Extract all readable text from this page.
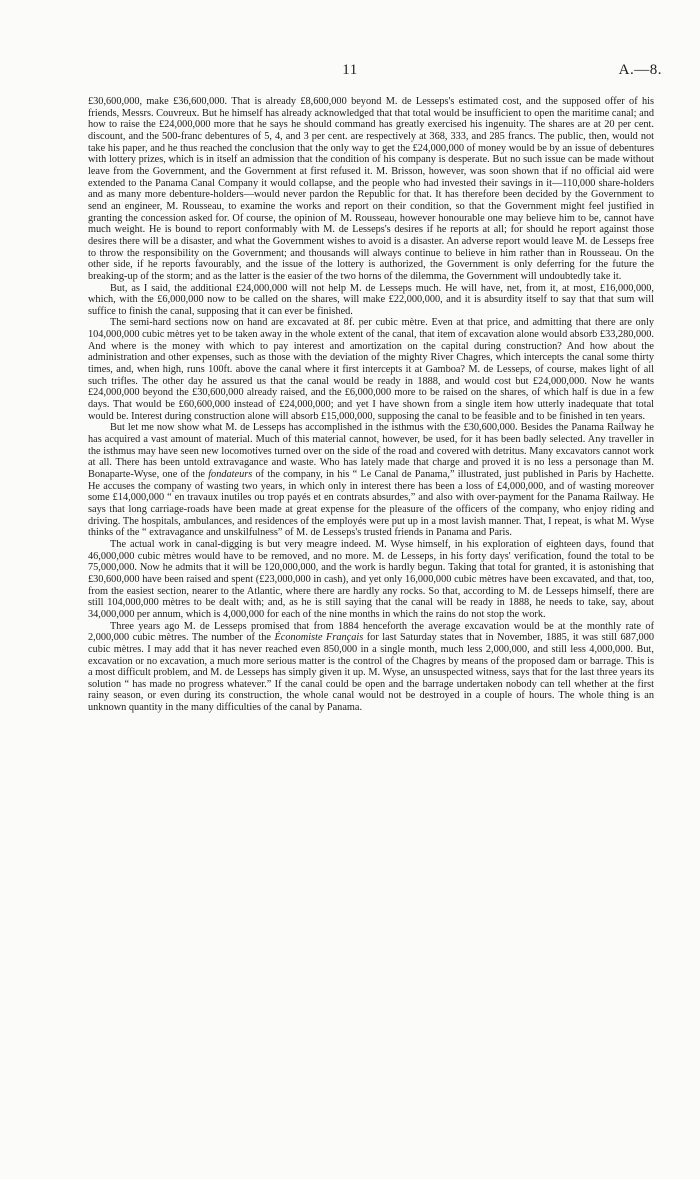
11	A.—8.

£30,600,000, make £36,600,000. That is already £8,600,000 beyond M. de Lesseps's estimated cost, and the supposed offer of his friends, Messrs. Couvreux. But he himself has already acknowledged that that total would be insufficient to open the maritime canal; and how to raise the £24,000,000 more that he says he should command has greatly exercised his ingenuity. The shares are at 20 per cent. discount, and the 500-franc debentures of 5, 4, and 3 per cent. are respectively at 368, 333, and 285 francs. The public, then, would not take his paper, and he thus reached the conclusion that the only way to get the £24,000,000 of money would be by an issue of debentures with lottery prizes, which is in itself an admission that the condition of his company is desperate. But no such issue can be made without leave from the Government, and the Government at first refused it. M. Brisson, however, was soon shown that if no official aid were extended to the Panama Canal Company it would collapse, and the people who had invested their savings in it—110,000 share-holders and as many more debenture-holders—would never pardon the Republic for that. It has therefore been decided by the Government to send an engineer, M. Rousseau, to examine the works and report on their condition, so that the Government might feel justified in granting the concession asked for. Of course, the opinion of M. Rousseau, however honourable one may believe him to be, cannot have much weight. He is bound to report conformably with M. de Lesseps's desires if he reports at all; for should he report against those desires there will be a disaster, and what the Government wishes to avoid is a disaster. An adverse report would leave M. de Lesseps free to throw the responsibility on the Government; and thousands will always continue to believe in him rather than in Rousseau. On the other side, if he reports favourably, and the issue of the lottery is authorized, the Government is only deferring for the future the breaking-up of the storm; and as the latter is the easier of the two horns of the dilemma, the Government will undoubtedly take it.

But, as I said, the additional £24,000,000 will not help M. de Lesseps much. He will have, net, from it, at most, £16,000,000, which, with the £6,000,000 now to be called on the shares, will make £22,000,000, and it is absurdity itself to say that that sum will suffice to finish the canal, supposing that it can ever be finished.

The semi-hard sections now on hand are excavated at 8f. per cubic mètre. Even at that price, and admitting that there are only 104,000,000 cubic mètres yet to be taken away in the whole extent of the canal, that item of excavation alone would absorb £33,280,000. And where is the money with which to pay interest and amortization on the capital during construction? And how about the administration and other expenses, such as those with the deviation of the mighty River Chagres, which intercepts the canal some thirty times, and, when high, runs 100ft. above the canal where it first intercepts it at Gamboa? M. de Lesseps, of course, makes light of all such trifles. The other day he assured us that the canal would be ready in 1888, and would cost but £24,000,000. Now he wants £24,000,000 beyond the £30,600,000 already raised, and the £6,000,000 more to be raised on the shares, of which half is due in a few days. That would be £60,600,000 instead of £24,000,000; and yet I have shown from a single item how utterly inadequate that total would be. Interest during construction alone will absorb £15,000,000, supposing the canal to be feasible and to be finished in ten years.

But let me now show what M. de Lesseps has accomplished in the isthmus with the £30,600,000. Besides the Panama Railway he has acquired a vast amount of material. Much of this material cannot, however, be used, for it has been badly selected. Any traveller in the isthmus may have seen new locomotives turned over on the side of the road and covered with detritus. Many excavators cannot work at all. There has been untold extravagance and waste. Who has lately made that charge and proved it is no less a personage than M. Bonaparte-Wyse, one of the fondateurs of the company, in his “ Le Canal de Panama,” illustrated, just published in Paris by Hachette. He accuses the company of wasting two years, in which only in interest there has been a loss of £4,000,000, and of wasting moreover some £14,000,000 “ en travaux inutiles ou trop payés et en contrats absurdes,” and also with over-payment for the Panama Railway. He says that long carriage-roads have been made at great expense for the pleasure of the officers of the company, who enjoy riding and driving. The hospitals, ambulances, and residences of the employés were put up in a most lavish manner. That, I repeat, is what M. Wyse thinks of the “ extravagance and unskilfulness” of M. de Lesseps's trusted friends in Panama and Paris.

The actual work in canal-digging is but very meagre indeed. M. Wyse himself, in his exploration of eighteen days, found that 46,000,000 cubic mètres would have to be removed, and no more. M. de Lesseps, in his forty days' verification, found the total to be 75,000,000. Now he admits that it will be 120,000,000, and the work is hardly begun. Taking that total for granted, it is astonishing that £30,600,000 have been raised and spent (£23,000,000 in cash), and yet only 16,000,000 cubic mètres have been excavated, and that, too, from the easiest section, nearer to the Atlantic, where there are hardly any rocks. So that, according to M. de Lesseps himself, there are still 104,000,000 mètres to be dealt with; and, as he is still saying that the canal will be ready in 1888, he needs to take, say, about 34,000,000 per annum, which is 4,000,000 for each of the nine months in which the rains do not stop the work.

Three years ago M. de Lesseps promised that from 1884 henceforth the average excavation would be at the monthly rate of 2,000,000 cubic mètres. The number of the Économiste Français for last Saturday states that in November, 1885, it was still 687,000 cubic mètres. I may add that it has never reached even 850,000 in a single month, much less 2,000,000, and still less 4,000,000. But, excavation or no excavation, a much more serious matter is the control of the Chagres by means of the proposed dam or barrage. This is a most difficult problem, and M. de Lesseps has simply given it up. M. Wyse, an unsuspected witness, says that for the last three years its solution “ has made no progress whatever.” If the canal could be open and the barrage undertaken nobody can tell whether at the first rainy season, or even during its construction, the whole canal would not be destroyed in a couple of hours. The whole thing is an unknown quantity in the many difficulties of the canal by Panama.
